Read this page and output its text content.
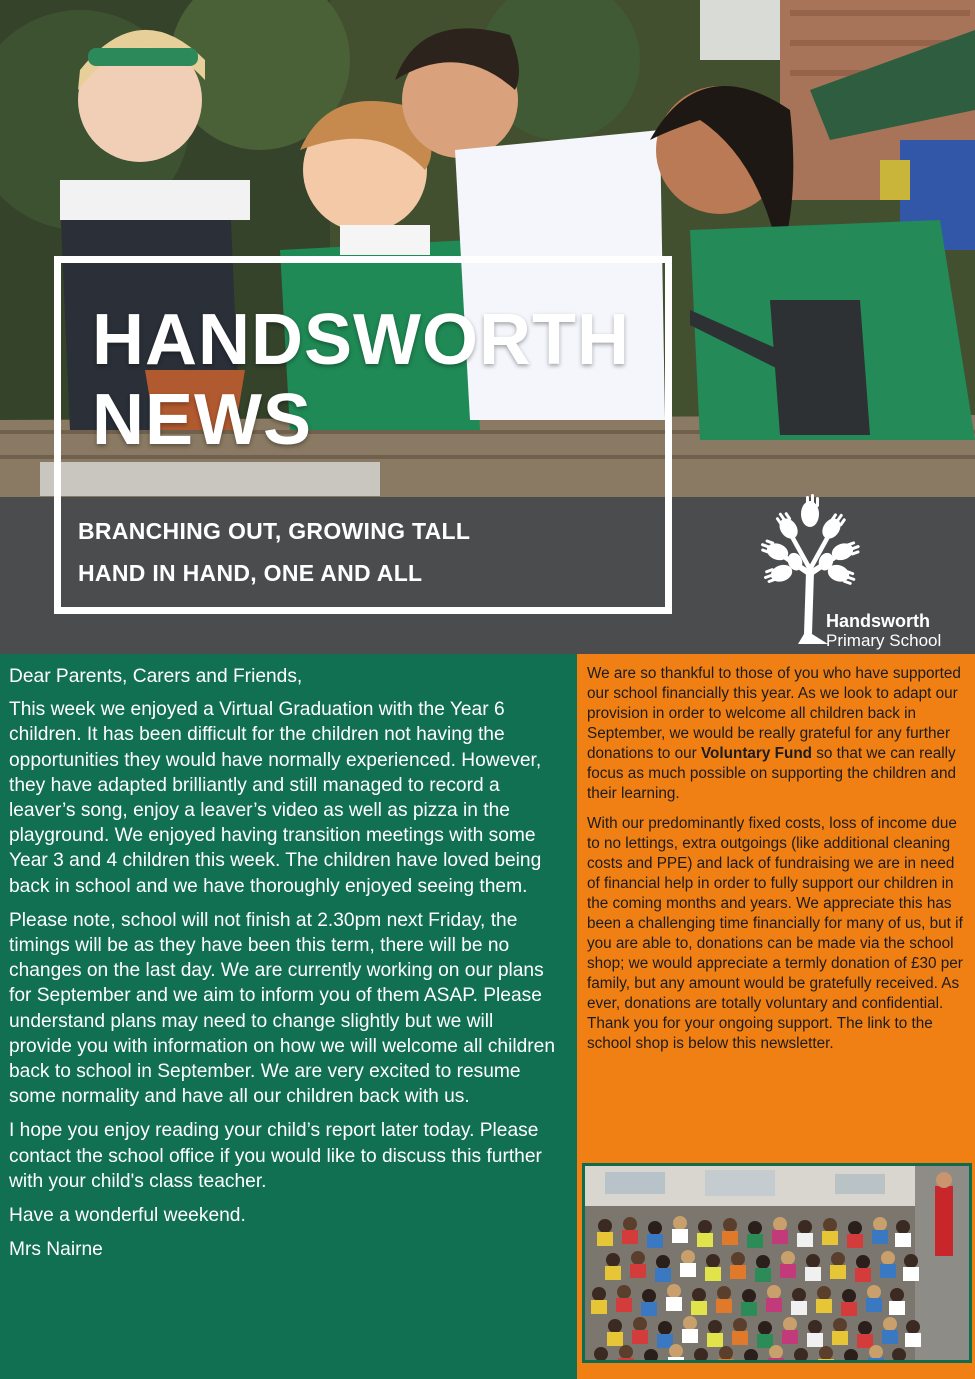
HANDSWORTH
NEWS
BRANCHING OUT, GROWING TALL
HAND IN HAND, ONE AND ALL
Handsworth
Primary School

Dear Parents, Carers and Friends,

This week we enjoyed a Virtual Graduation with the Year 6 children. It has been difficult for the children not having the opportunities they would have normally experienced. However, they have adapted brilliantly and still managed to record a leaver’s song, enjoy a leaver’s video as well as pizza in the playground. We enjoyed having transition meetings with some Year 3 and 4 children this week. The children have loved being back in school and we have thoroughly enjoyed seeing them.

Please note, school will not finish at 2.30pm next Friday, the timings will be as they have been this term, there will be no changes on the last day. We are currently working on our plans for September and we aim to inform you of them ASAP. Please understand plans may need to change slightly but we will provide you with information on how we will welcome all children back to school in September. We are very excited to resume some normality and have all our children back with us.

I hope you enjoy reading your child’s report later today. Please contact the school office if you would like to discuss this further with your child's class teacher.

Have a wonderful weekend.

Mrs Nairne

We are so thankful to those of you who have supported our school financially this year. As we look to adapt our provision in order to welcome all children back in September, we would be really grateful for any further donations to our Voluntary Fund so that we can really focus as much possible on supporting the children and their learning.

With our predominantly fixed costs, loss of income due to no lettings, extra outgoings (like additional cleaning costs and PPE) and lack of fundraising we are in need of financial help in order to fully support our children in the coming months and years. We appreciate this has been a challenging time financially for many of us, but if you are able to, donations can be made via the school shop; we would appreciate a termly donation of £30 per family, but any amount would be gratefully received. As ever, donations are totally voluntary and confidential. Thank you for your ongoing support. The link to the school shop is below this newsletter.
